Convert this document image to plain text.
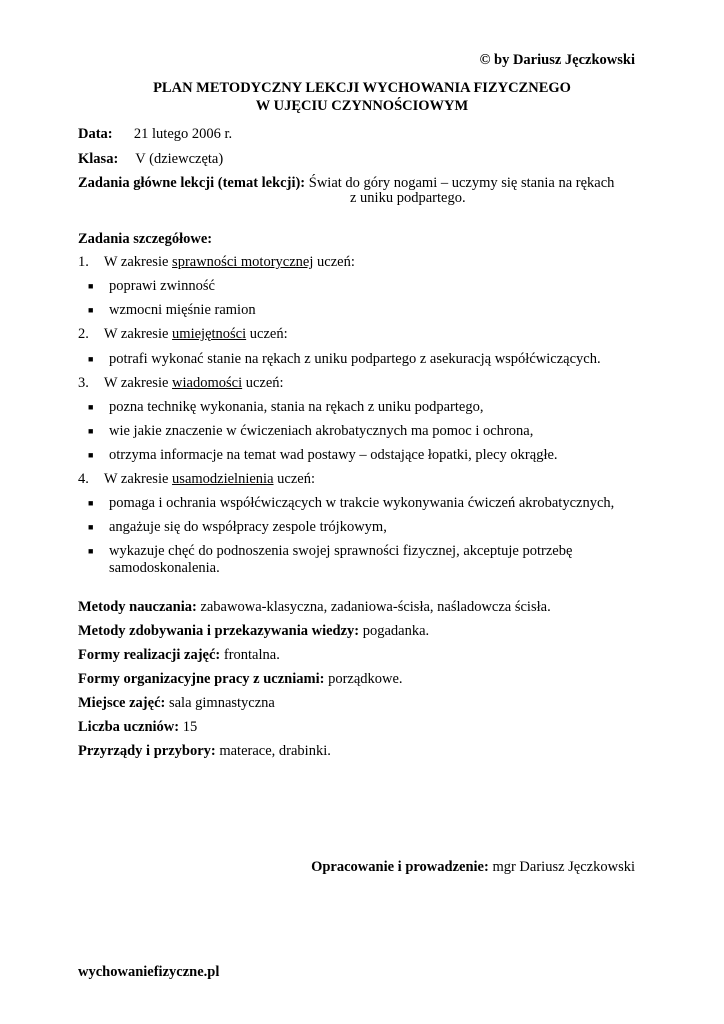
© by Dariusz Jęczkowski
PLAN METODYCZNY LEKCJI WYCHOWANIA FIZYCZNEGO
W UJĘCIU CZYNNOŚCIOWYM
Data: 21 lutego 2006 r.
Klasa: V (dziewczęta)
Zadania główne lekcji (temat lekcji): Świat do góry nogami – uczymy się stania na rękach
z uniku podpartego.
Zadania szczegółowe:
1. W zakresie sprawności motorycznej uczeń:
■ poprawi zwinność
■ wzmocni mięśnie ramion
2. W zakresie umiejętności uczeń:
■ potrafi wykonać stanie na rękach z uniku podpartego z asekuracją współćwiczących.
3. W zakresie wiadomości uczeń:
■ pozna technikę wykonania, stania na rękach z uniku podpartego,
■ wie jakie znaczenie w ćwiczeniach akrobatycznych ma pomoc i ochrona,
■ otrzyma informacje na temat wad postawy – odstające łopatki, plecy okrągłe.
4. W zakresie usamodzielnienia uczeń:
■ pomaga i ochrania współćwiczących w trakcie wykonywania ćwiczeń akrobatycznych,
■ angażuje się do współpracy zespole trójkowym,
■ wykazuje chęć do podnoszenia swojej sprawności fizycznej, akceptuje potrzebę
samodoskonalenia.
Metody nauczania: zabawowa-klasyczna, zadaniowa-ścisła, naśladowcza ścisła.
Metody zdobywania i przekazywania wiedzy: pogadanka.
Formy realizacji zajęć: frontalna.
Formy organizacyjne pracy z uczniami: porządkowe.
Miejsce zajęć: sala gimnastyczna
Liczba uczniów: 15
Przyrządy i przybory: materace, drabinki.
Opracowanie i prowadzenie: mgr Dariusz Jęczkowski
wychowaniefizyczne.pl
